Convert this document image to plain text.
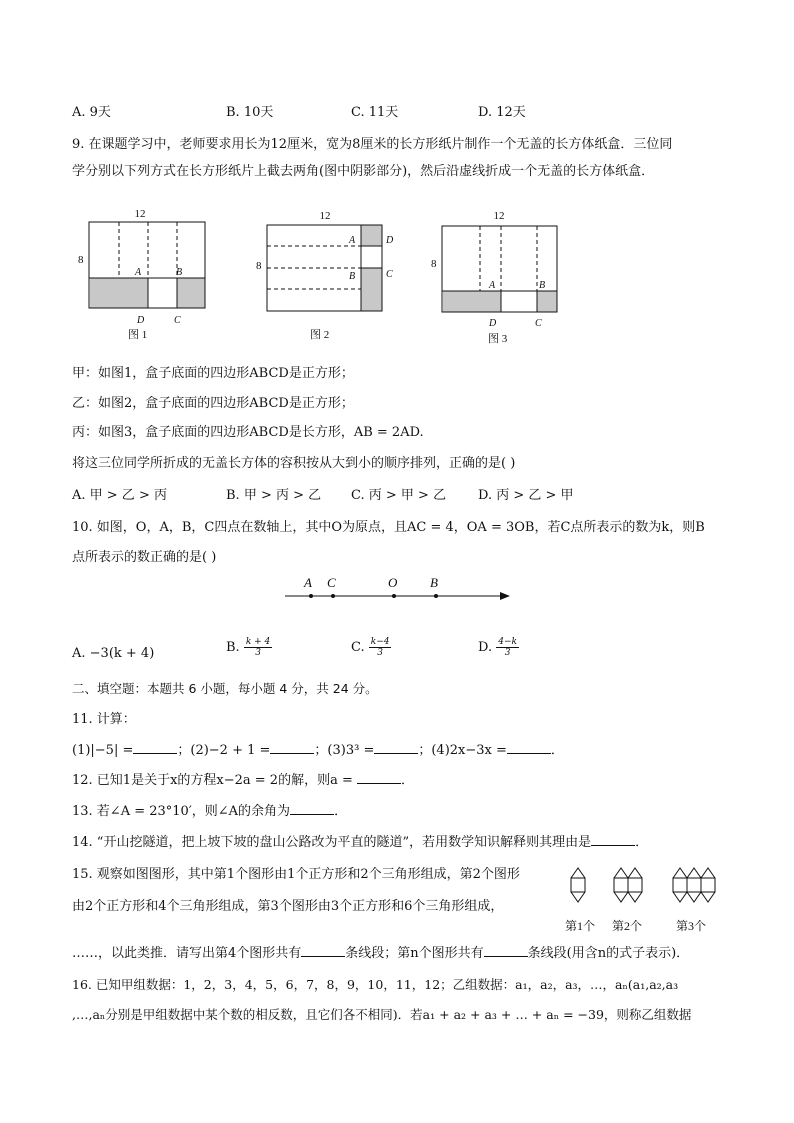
A. 9天	B. 10天	C. 11天	D. 12天
9. 在课题学习中，老师要求用长为12厘米，宽为8厘米的长方形纸片制作一个无盖的长方体纸盒．三位同
学分别以下列方式在长方形纸片上截去两角(图中阴影部分)，然后沿虚线折成一个无盖的长方体纸盒．
12
8
A	B
D	C
图 1
12
8
A
B
D
C
图 2
12
8
A	B
D	C
图 3
甲：如图1，盒子底面的四边形ABCD是正方形；
乙：如图2，盒子底面的四边形ABCD是正方形；
丙：如图3，盒子底面的四边形ABCD是长方形，AB = 2AD.
将这三位同学所折成的无盖长方体的容积按从大到小的顺序排列，正确的是( )
A. 甲 > 乙 > 丙	B. 甲 > 丙 > 乙 C. 丙 > 甲 > 乙 D. 丙 > 乙 > 甲
10. 如图，O，A，B，C四点在数轴上，其中O为原点，且AC = 4，OA = 3OB，若C点所表示的数为k，则B
点所表示的数正确的是( )
A C	O	B
A. −3(k + 4)	B. $\frac{k + 4}{3}$	C. $\frac{k-4}{3}$	D. $\frac{4-k}{3}$
二、填空题：本题共 6 小题，每小题 4 分，共 24 分。
11. 计算：
(1)|−5| =	；(2)−2 + 1 =	；(3)3³ =	；(4)2x−3x =	．
12. 已知1是关于x的方程x−2a = 2的解，则a =	．
13. 若∠A = 23°10′，则∠A的余角为	．
14. “开山挖隧道，把上坡下坡的盘山公路改为平直的隧道”，若用数学知识解释则其理由是	．
15. 观察如图图形，其中第1个图形由1个正方形和2个三角形组成，第2个图形
由2个正方形和4个三角形组成，第3个图形由3个正方形和6个三角形组成，
第1个 第2个	第3个
……，以此类推．请写出第4个图形共有	条线段；第n个图形共有	条线段(用含n的式子表示)．
16. 已知甲组数据：1，2，3，4，5，6，7，8，9，10，11，12；乙组数据：a₁，a₂，a₃，…，aₙ(a₁,a₂,a₃
,…,aₙ分别是甲组数据中某个数的相反数，且它们各不相同)．若a₁ + a₂ + a₃ + … + aₙ = −39，则称乙组数据
